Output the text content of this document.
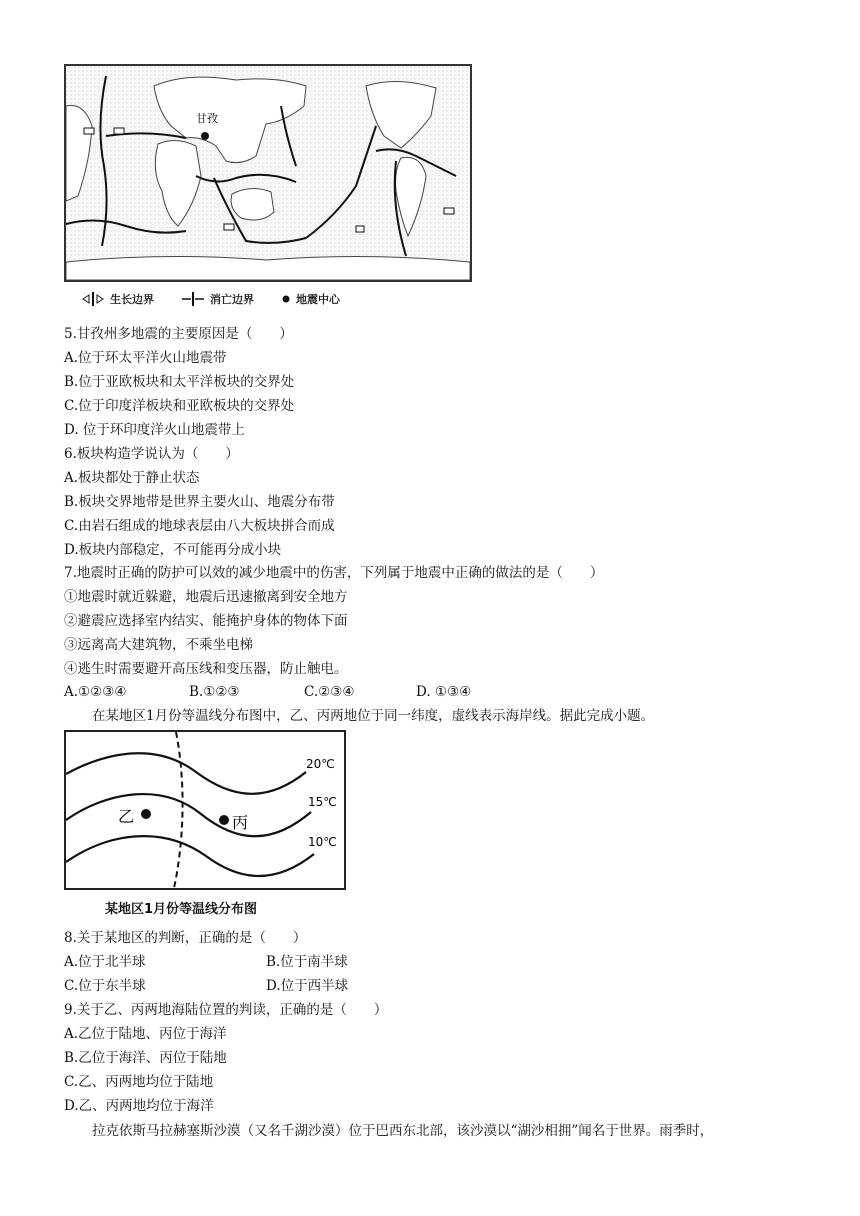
甘孜
生长边界	消亡边界	地震中心
5.甘孜州多地震的主要原因是（　　）
A.位于环太平洋火山地震带
B.位于亚欧板块和太平洋板块的交界处
C.位于印度洋板块和亚欧板块的交界处
D. 位于环印度洋火山地震带上
6.板块构造学说认为（　　）
A.板块都处于静止状态
B.板块交界地带是世界主要火山、地震分布带
C.由岩石组成的地球表层由八大板块拼合而成
D.板块内部稳定，不可能再分成小块
7.地震时正确的防护可以效的减少地震中的伤害，下列属于地震中正确的做法的是（　　）
①地震时就近躲避，地震后迅速撤离到安全地方
②避震应选择室内结实、能掩护身体的物体下面
③远离高大建筑物，不乘坐电梯
④逃生时需要避开高压线和变压器，防止触电。
A.①②③④	B.①②③	C.②③④	D. ①③④
在某地区1月份等温线分布图中，乙、丙两地位于同一纬度，虚线表示海岸线。据此完成小题。
20℃
15℃
10℃
乙	丙
某地区1月份等温线分布图
8.关于某地区的判断，正确的是（　　）
A.位于北半球	B.位于南半球
C.位于东半球	D.位于西半球
9.关于乙、丙两地海陆位置的判读，正确的是（　　）
A.乙位于陆地、丙位于海洋
B.乙位于海洋、丙位于陆地
C.乙、丙两地均位于陆地
D.乙、丙两地均位于海洋
拉克依斯马拉赫塞斯沙漠（又名千湖沙漠）位于巴西东北部，该沙漠以“湖沙相拥”闻名于世界。雨季时，
